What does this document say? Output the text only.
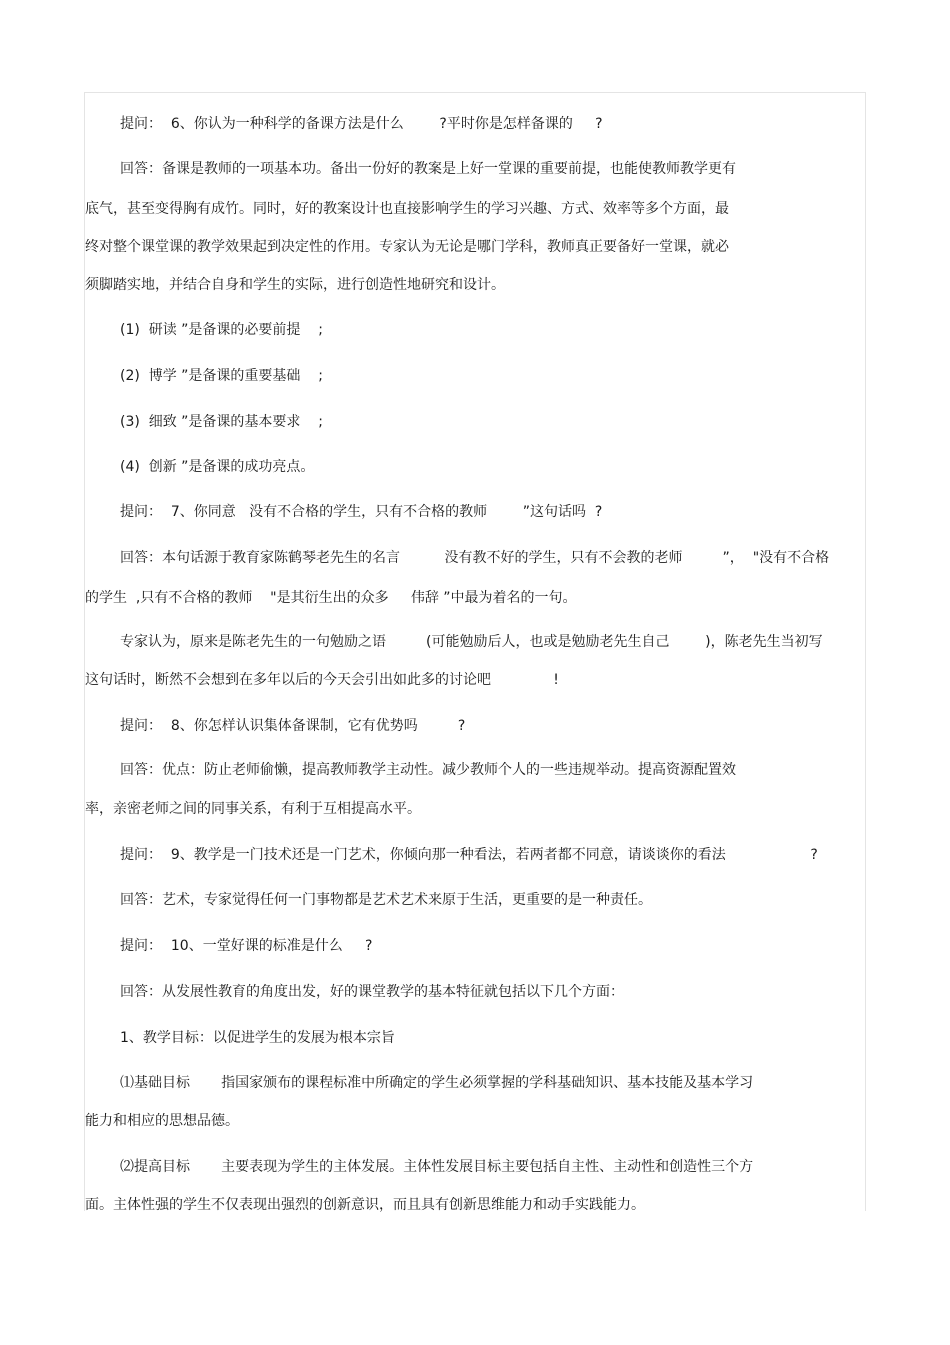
提问：  6、你认为一种科学的备课方法是什么        ?平时你是怎样备课的     ?
回答：备课是教师的一项基本功。备出一份好的教案是上好一堂课的重要前提，也能使教师教学更有
底气，甚至变得胸有成竹。同时，好的教案设计也直接影响学生的学习兴趣、方式、效率等多个方面，最
终对整个课堂课的教学效果起到决定性的作用。专家认为无论是哪门学科，教师真正要备好一堂课，就必
须脚踏实地，并结合自身和学生的实际，进行创造性地研究和设计。
(1)  研读 ”是备课的必要前提    ;
(2)  博学 ”是备课的重要基础    ;
(3)  细致 ”是备课的基本要求    ;
(4)  创新 ”是备课的成功亮点。
提问：  7、你同意   没有不合格的学生，只有不合格的教师        ”这句话吗  ?
回答：本句话源于教育家陈鹤琴老先生的名言          没有教不好的学生，只有不会教的老师         ”，  "没有不合格
的学生  ,只有不合格的教师    "是其衍生出的众多     伟辞 ”中最为着名的一句。
专家认为，原来是陈老先生的一句勉励之语         (可能勉励后人，也或是勉励老先生自己        )，陈老先生当初写
这句话时，断然不会想到在多年以后的今天会引出如此多的讨论吧              !
提问：  8、你怎样认识集体备课制，它有优势吗         ?
回答：优点：防止老师偷懒，提高教师教学主动性。减少教师个人的一些违规举动。提高资源配置效
率，亲密老师之间的同事关系，有利于互相提高水平。
提问：  9、教学是一门技术还是一门艺术，你倾向那一种看法，若两者都不同意，请谈谈你的看法                   ?
回答：艺术，专家觉得任何一门事物都是艺术艺术来原于生活，更重要的是一种责任。
提问：  10、一堂好课的标准是什么     ?
回答：从发展性教育的角度出发，好的课堂教学的基本特征就包括以下几个方面：
1、教学目标：以促进学生的发展为根本宗旨
⑴基础目标       指国家颁布的课程标准中所确定的学生必须掌握的学科基础知识、基本技能及基本学习
能力和相应的思想品德。
⑵提高目标       主要表现为学生的主体发展。主体性发展目标主要包括自主性、主动性和创造性三个方
面。主体性强的学生不仅表现出强烈的创新意识，而且具有创新思维能力和动手实践能力。
